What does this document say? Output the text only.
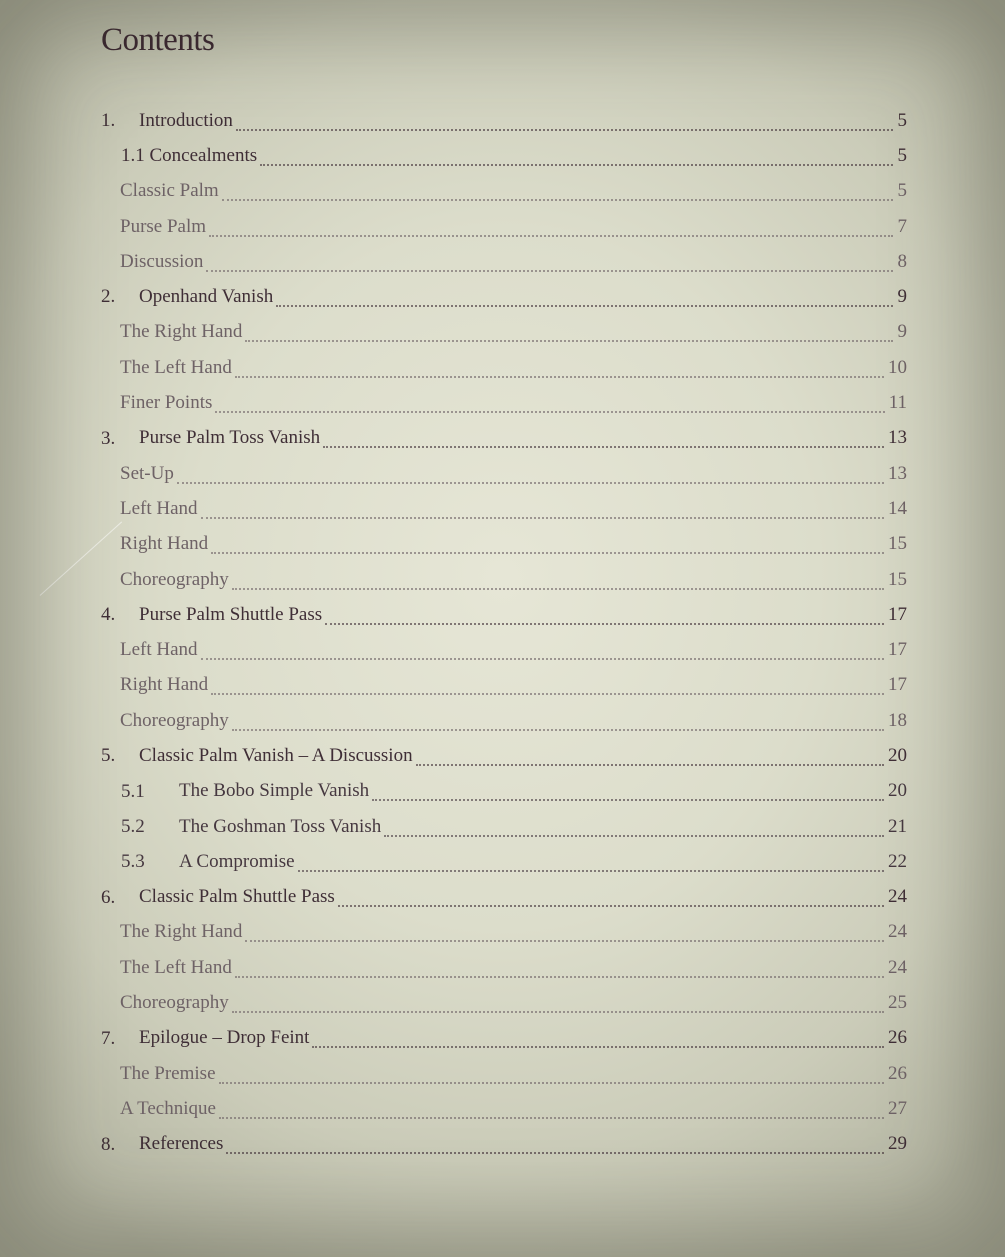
Contents
1. Introduction	5
1.1 Concealments	5
Classic Palm	5
Purse Palm	7
Discussion	8
2. Openhand Vanish	9
The Right Hand	9
The Left Hand	10
Finer Points	11
3. Purse Palm Toss Vanish	13
Set-Up	13
Left Hand	14
Right Hand	15
Choreography	15
4. Purse Palm Shuttle Pass	17
Left Hand	17
Right Hand	17
Choreography	18
5. Classic Palm Vanish – A Discussion	20
5.1 The Bobo Simple Vanish	20
5.2 The Goshman Toss Vanish	21
5.3 A Compromise	22
6. Classic Palm Shuttle Pass	24
The Right Hand	24
The Left Hand	24
Choreography	25
7. Epilogue – Drop Feint	26
The Premise	26
A Technique	27
8. References	29
